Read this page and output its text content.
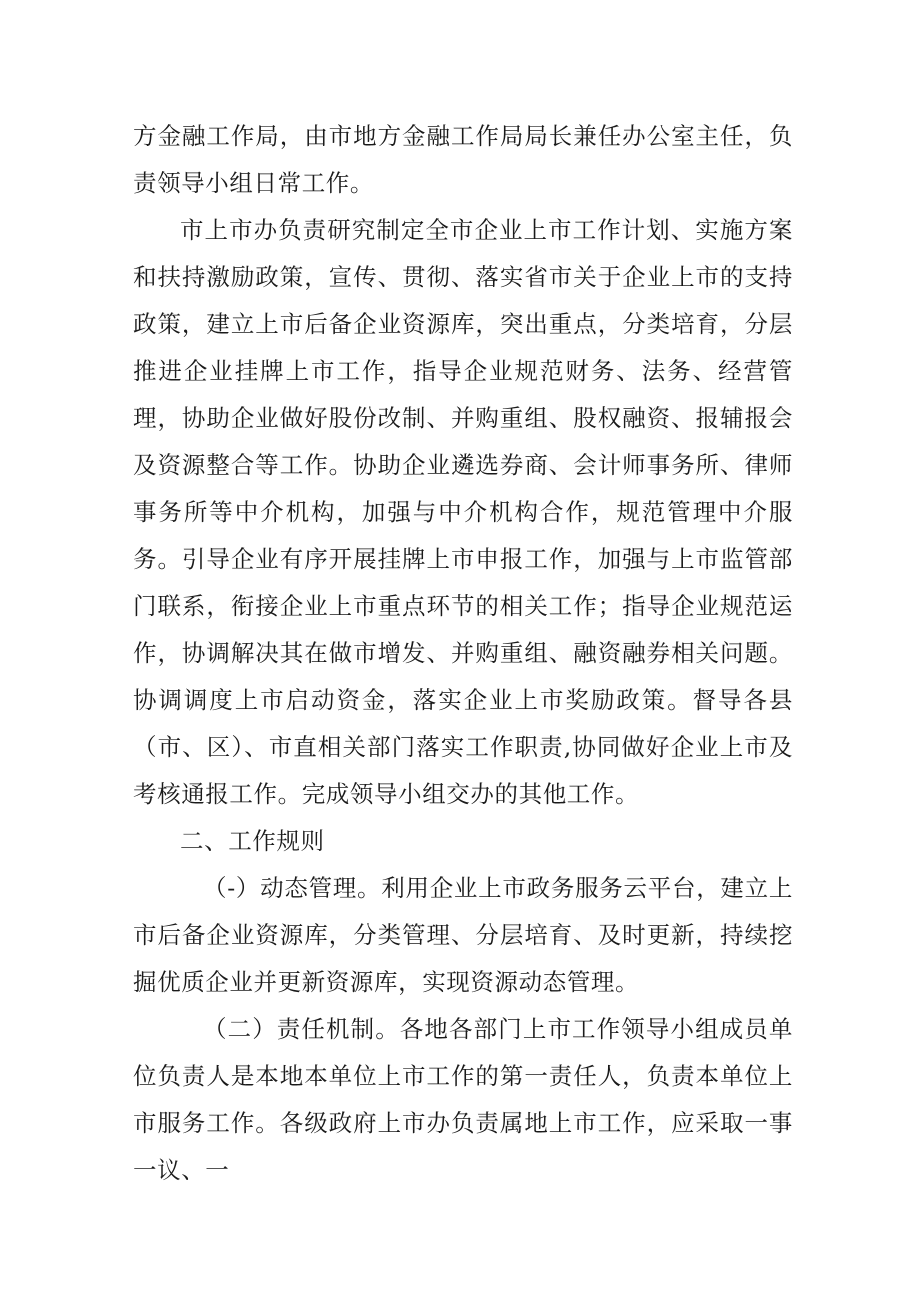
方金融工作局，由市地方金融工作局局长兼任办公室主任，负责领导小组日常工作。

市上市办负责研究制定全市企业上市工作计划、实施方案和扶持激励政策，宣传、贯彻、落实省市关于企业上市的支持政策，建立上市后备企业资源库，突出重点，分类培育，分层推进企业挂牌上市工作，指导企业规范财务、法务、经营管理，协助企业做好股份改制、并购重组、股权融资、报辅报会及资源整合等工作。协助企业遴选券商、会计师事务所、律师事务所等中介机构，加强与中介机构合作，规范管理中介服务。引导企业有序开展挂牌上市申报工作，加强与上市监管部门联系，衔接企业上市重点环节的相关工作；指导企业规范运作，协调解决其在做市增发、并购重组、融资融券相关问题。协调调度上市启动资金，落实企业上市奖励政策。督导各县（市、区）、市直相关部门落实工作职责,协同做好企业上市及考核通报工作。完成领导小组交办的其他工作。

二、工作规则

（-）动态管理。利用企业上市政务服务云平台，建立上市后备企业资源库，分类管理、分层培育、及时更新，持续挖掘优质企业并更新资源库，实现资源动态管理。

（二）责任机制。各地各部门上市工作领导小组成员单位负责人是本地本单位上市工作的第一责任人，负责本单位上市服务工作。各级政府上市办负责属地上市工作，应采取一事一议、一
